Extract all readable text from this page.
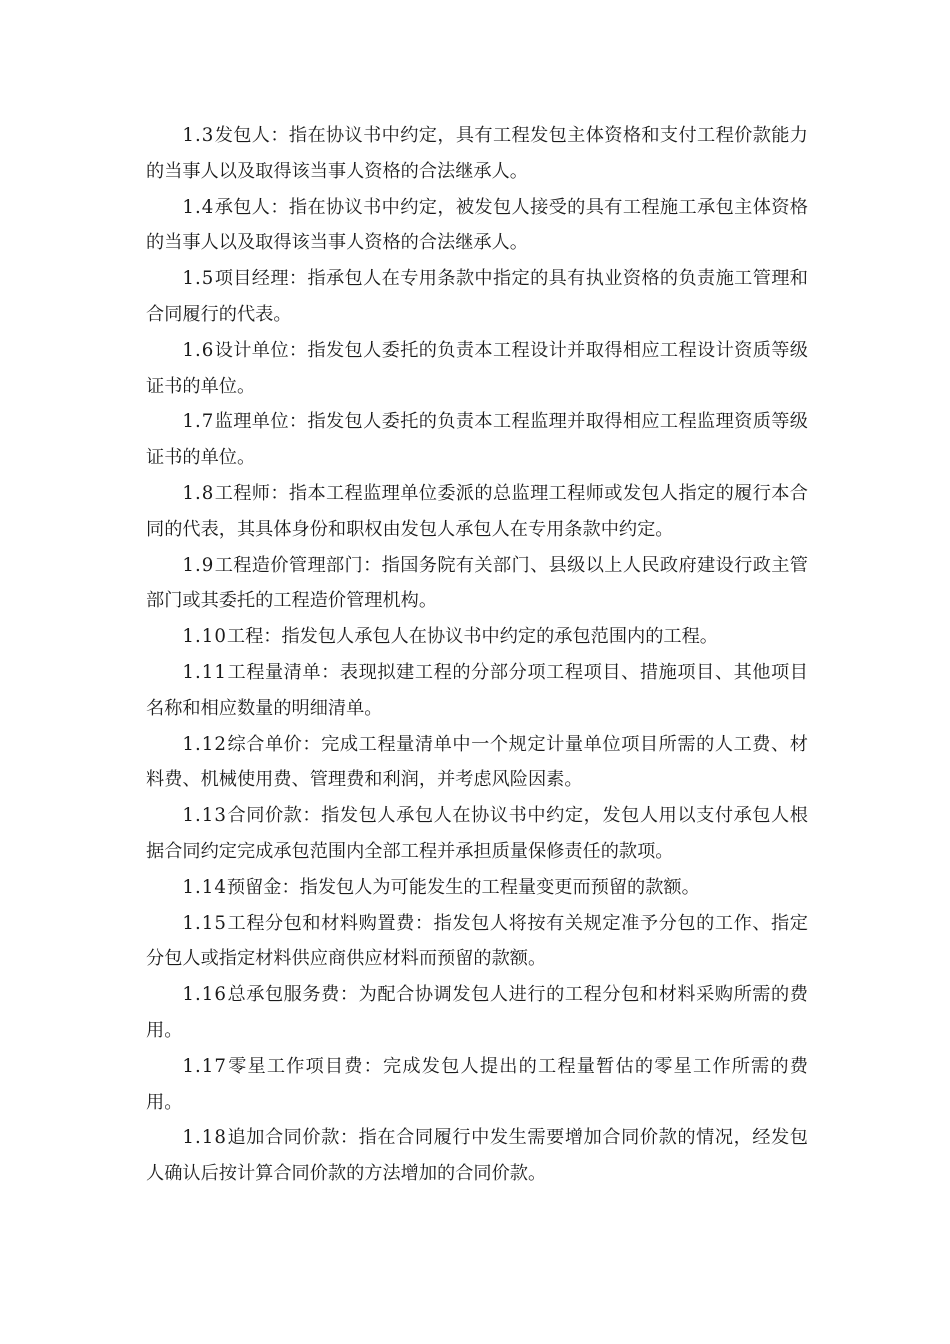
1.3发包人：指在协议书中约定，具有工程发包主体资格和支付工程价款能力的当事人以及取得该当事人资格的合法继承人。

1.4承包人：指在协议书中约定，被发包人接受的具有工程施工承包主体资格的当事人以及取得该当事人资格的合法继承人。

1.5项目经理：指承包人在专用条款中指定的具有执业资格的负责施工管理和合同履行的代表。

1.6设计单位：指发包人委托的负责本工程设计并取得相应工程设计资质等级证书的单位。

1.7监理单位：指发包人委托的负责本工程监理并取得相应工程监理资质等级证书的单位。

1.8工程师：指本工程监理单位委派的总监理工程师或发包人指定的履行本合同的代表，其具体身份和职权由发包人承包人在专用条款中约定。

1.9工程造价管理部门：指国务院有关部门、县级以上人民政府建设行政主管部门或其委托的工程造价管理机构。

1.10工程：指发包人承包人在协议书中约定的承包范围内的工程。

1.11工程量清单：表现拟建工程的分部分项工程项目、措施项目、其他项目名称和相应数量的明细清单。

1.12综合单价：完成工程量清单中一个规定计量单位项目所需的人工费、材料费、机械使用费、管理费和利润，并考虑风险因素。

1.13合同价款：指发包人承包人在协议书中约定，发包人用以支付承包人根据合同约定完成承包范围内全部工程并承担质量保修责任的款项。

1.14预留金：指发包人为可能发生的工程量变更而预留的款额。

1.15工程分包和材料购置费：指发包人将按有关规定准予分包的工作、指定分包人或指定材料供应商供应材料而预留的款额。

1.16总承包服务费：为配合协调发包人进行的工程分包和材料采购所需的费用。

1.17零星工作项目费：完成发包人提出的工程量暂估的零星工作所需的费用。

1.18追加合同价款：指在合同履行中发生需要增加合同价款的情况，经发包人确认后按计算合同价款的方法增加的合同价款。
